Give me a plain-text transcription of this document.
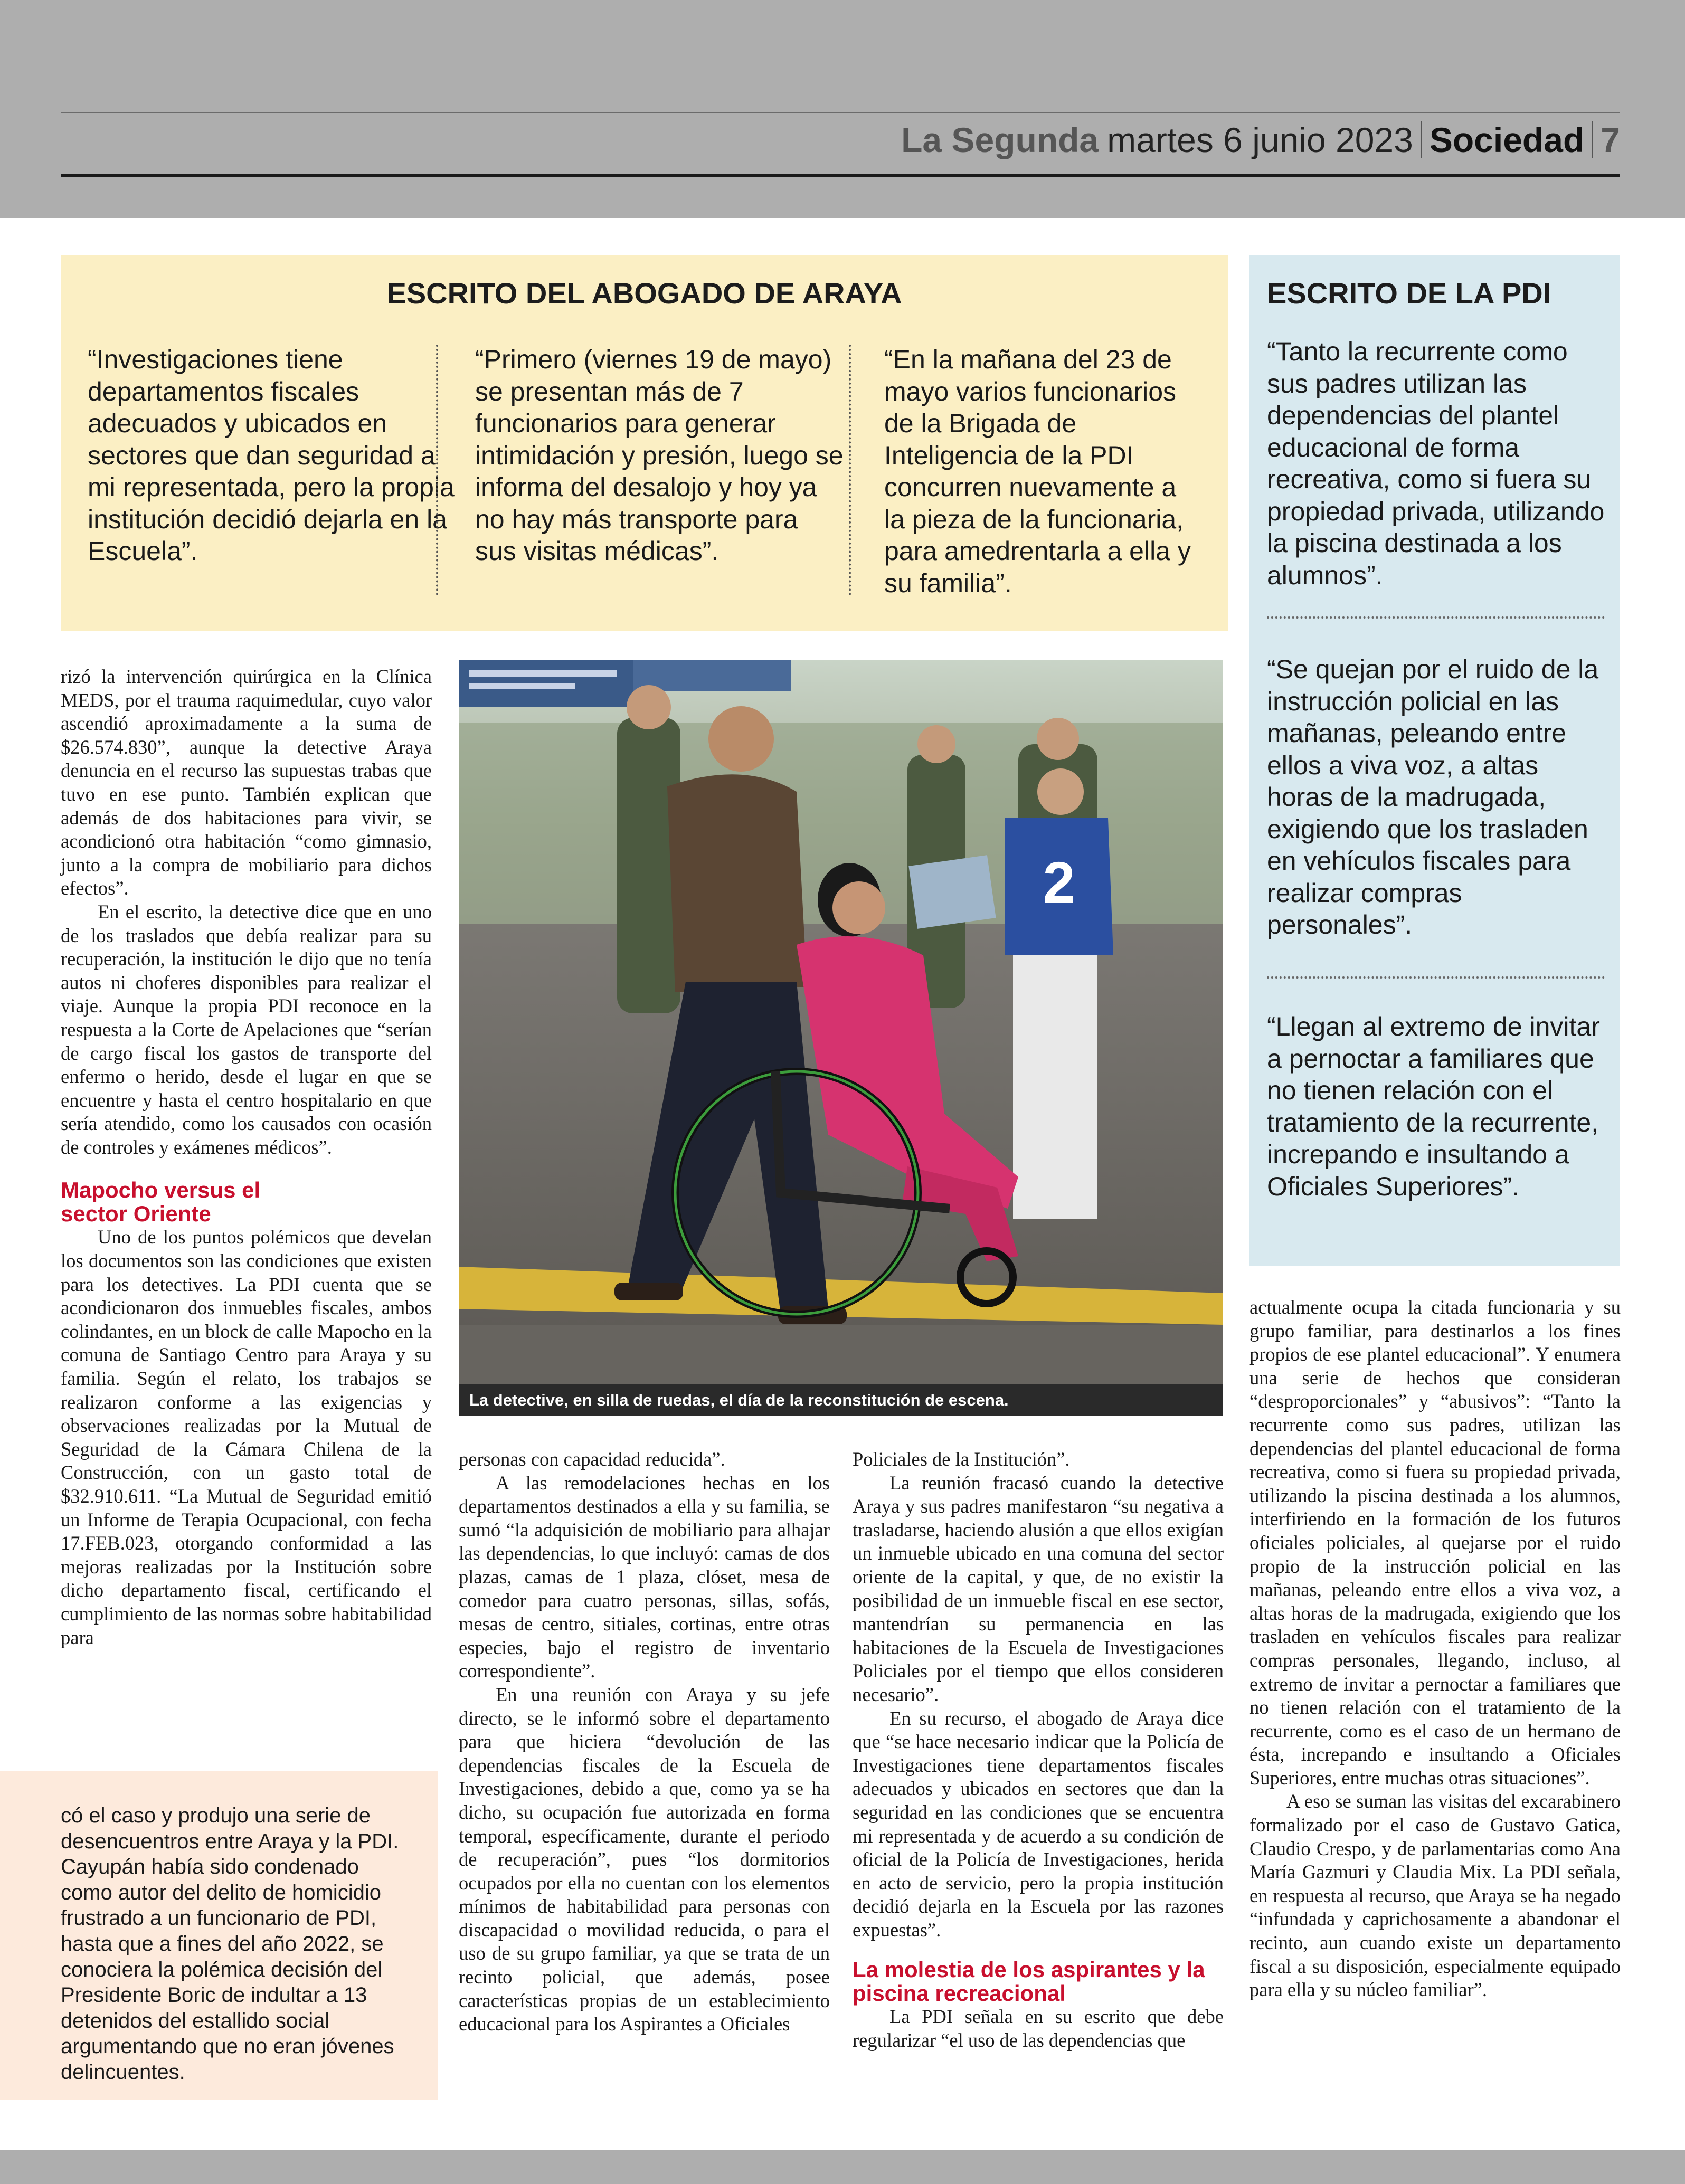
La Segunda martes 6 junio 2023 Sociedad 7
ESCRITO DEL ABOGADO DE ARAYA
“Investigaciones tiene departamentos fiscales adecuados y ubicados en sectores que dan seguridad a mi representada, pero la propia institución decidió dejarla en la Escuela”.
“Primero (viernes 19 de mayo) se presentan más de 7 funcionarios para generar intimidación y presión, luego se informa del desalojo y hoy ya no hay más transporte para sus visitas médicas”.
“En la mañana del 23 de mayo varios funcionarios de la Brigada de Inteligencia de la PDI concurren nuevamente a la pieza de la funcionaria, para amedrentarla a ella y su familia”.
ESCRITO DE LA PDI
“Tanto la recurrente como sus padres utilizan las dependencias del plantel educacional de forma recreativa, como si fuera su propiedad privada, utilizando la piscina destinada a los alumnos”.
“Se quejan por el ruido de la instrucción policial en las mañanas, peleando entre ellos a viva voz, a altas horas de la madrugada, exigiendo que los trasladen en vehículos fiscales para realizar compras personales”.
“Llegan al extremo de invitar a pernoctar a familiares que no tienen relación con el tratamiento de la recurrente, increpando e insultando a Oficiales Superiores”.

rizó la intervención quirúrgica en la Clínica MEDS, por el trauma raquimedular, cuyo valor ascendió aproximadamente a la suma de $26.574.830”, aunque la detective Araya denuncia en el recurso las supuestas trabas que tuvo en ese punto. También explican que además de dos habitaciones para vivir, se acondicionó otra habitación “como gimnasio, junto a la compra de mobiliario para dichos efectos”.

En el escrito, la detective dice que en uno de los traslados que debía realizar para su recuperación, la institución le dijo que no tenía autos ni choferes disponibles para realizar el viaje. Aunque la propia PDI reconoce en la respuesta a la Corte de Apelaciones que “serían de cargo fiscal los gastos de transporte del enfermo o herido, desde el lugar en que se encuentre y hasta el centro hospitalario en que sería atendido, como los causados con ocasión de controles y exámenes médicos”.

Mapocho versus el sector Oriente

Uno de los puntos polémicos que develan los documentos son las condiciones que existen para los detectives. La PDI cuenta que se acondicionaron dos inmuebles fiscales, ambos colindantes, en un block de calle Mapocho en la comuna de Santiago Centro para Araya y su familia. Según el relato, los trabajos se realizaron conforme a las exigencias y observaciones realizadas por la Mutual de Seguridad de la Cámara Chilena de la Construcción, con un gasto total de $32.910.611. “La Mutual de Seguridad emitió un Informe de Terapia Ocupacional, con fecha 17.FEB.023, otorgando conformidad a las mejoras realizadas por la Institución sobre dicho departamento fiscal, certificando el cumplimiento de las normas sobre habitabilidad para

2
La detective, en silla de ruedas, el día de la reconstitución de escena.

personas con capacidad reducida”.

A las remodelaciones hechas en los departamentos destinados a ella y su familia, se sumó “la adquisición de mobiliario para alhajar las dependencias, lo que incluyó: camas de dos plazas, camas de 1 plaza, clóset, mesa de comedor para cuatro personas, sillas, sofás, mesas de centro, sitiales, cortinas, entre otras especies, bajo el registro de inventario correspondiente”.

En una reunión con Araya y su jefe directo, se le informó sobre el departamento para que hiciera “devolución de las dependencias fiscales de la Escuela de Investigaciones, debido a que, como ya se ha dicho, su ocupación fue autorizada en forma temporal, específicamente, durante el periodo de recuperación”, pues “los dormitorios ocupados por ella no cuentan con los elementos mínimos de habitabilidad para personas con discapacidad o movilidad reducida, o para el uso de su grupo familiar, ya que se trata de un recinto policial, que además, posee características propias de un establecimiento educacional para los Aspirantes a Oficiales

Policiales de la Institución”.

La reunión fracasó cuando la detective Araya y sus padres manifestaron “su negativa a trasladarse, haciendo alusión a que ellos exigían un inmueble ubicado en una comuna del sector oriente de la capital, y que, de no existir la posibilidad de un inmueble fiscal en ese sector, mantendrían su permanencia en las habitaciones de la Escuela de Investigaciones Policiales por el tiempo que ellos consideren necesario”.

En su recurso, el abogado de Araya dice que “se hace necesario indicar que la Policía de Investigaciones tiene departamentos fiscales adecuados y ubicados en sectores que dan la seguridad en las condiciones que se encuentra mi representada y de acuerdo a su condición de oficial de la Policía de Investigaciones, herida en acto de servicio, pero la propia institución decidió dejarla en la Escuela por las razones expuestas”.

La molestia de los aspirantes y la piscina recreacional

La PDI señala en su escrito que debe regularizar “el uso de las dependencias que

actualmente ocupa la citada funcionaria y su grupo familiar, para destinarlos a los fines propios de ese plantel educacional”. Y enumera una serie de hechos que consideran “desproporcionales” y “abusivos”: “Tanto la recurrente como sus padres, utilizan las dependencias del plantel educacional de forma recreativa, como si fuera su propiedad privada, utilizando la piscina destinada a los alumnos, interfiriendo en la formación de los futuros oficiales policiales, al quejarse por el ruido propio de la instrucción policial en las mañanas, peleando entre ellos a viva voz, a altas horas de la madrugada, exigiendo que los trasladen en vehículos fiscales para realizar compras personales, llegando, incluso, al extremo de invitar a pernoctar a familiares que no tienen relación con el tratamiento de la recurrente, como es el caso de un hermano de ésta, increpando e insultando a Oficiales Superiores, entre muchas otras situaciones”.

A eso se suman las visitas del excarabinero formalizado por el caso de Gustavo Gatica, Claudio Crespo, y de parlamentarias como Ana María Gazmuri y Claudia Mix. La PDI señala, en respuesta al recurso, que Araya se ha negado “infundada y caprichosamente a abandonar el recinto, aun cuando existe un departamento fiscal a su disposición, especialmente equipado para ella y su núcleo familiar”.

có el caso y produjo una serie de desencuentros entre Araya y la PDI. Cayupán había sido condenado como autor del delito de homicidio frustrado a un funcionario de PDI, hasta que a fines del año 2022, se conociera la polémica decisión del Presidente Boric de indultar a 13 detenidos del estallido social argumentando que no eran jóvenes delincuentes.
